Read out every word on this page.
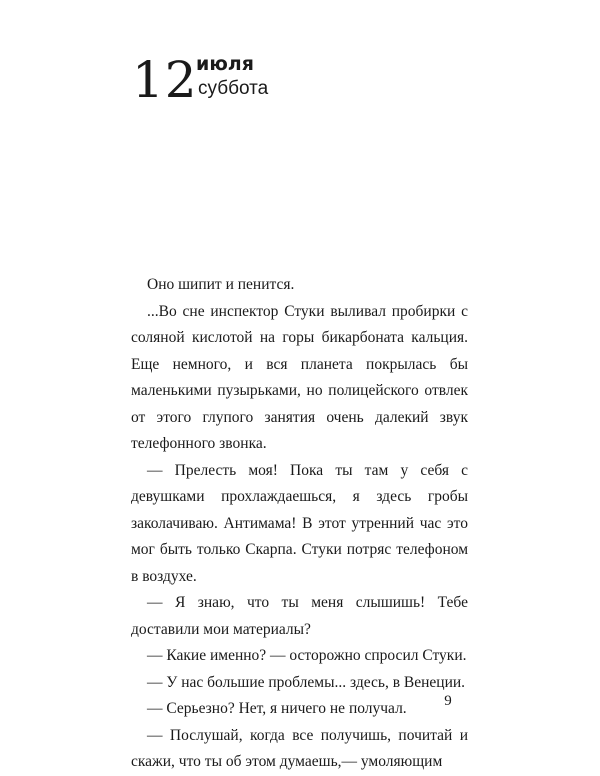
12
июля
суббота

Оно шипит и пенится.

...Во сне инспектор Стуки выливал пробирки с соляной кислотой на горы бикарбоната кальция. Еще немного, и вся планета покрылась бы маленькими пузырьками, но полицейского отвлек от этого глупого занятия очень далекий звук телефонного звонка.

— Прелесть моя! Пока ты там у себя с девушками прохлаждаешься, я здесь гробы заколачиваю. Антимама! В этот утренний час это мог быть только Скарпа. Стуки потряс телефоном в воздухе.

— Я знаю, что ты меня слышишь! Тебе доставили мои материалы?

— Какие именно? — осторожно спросил Стуки.

— У нас большие проблемы... здесь, в Венеции.

— Серьезно? Нет, я ничего не получал.

— Послушай, когда все получишь, почитай и скажи, что ты об этом думаешь,— умоляющим

9
